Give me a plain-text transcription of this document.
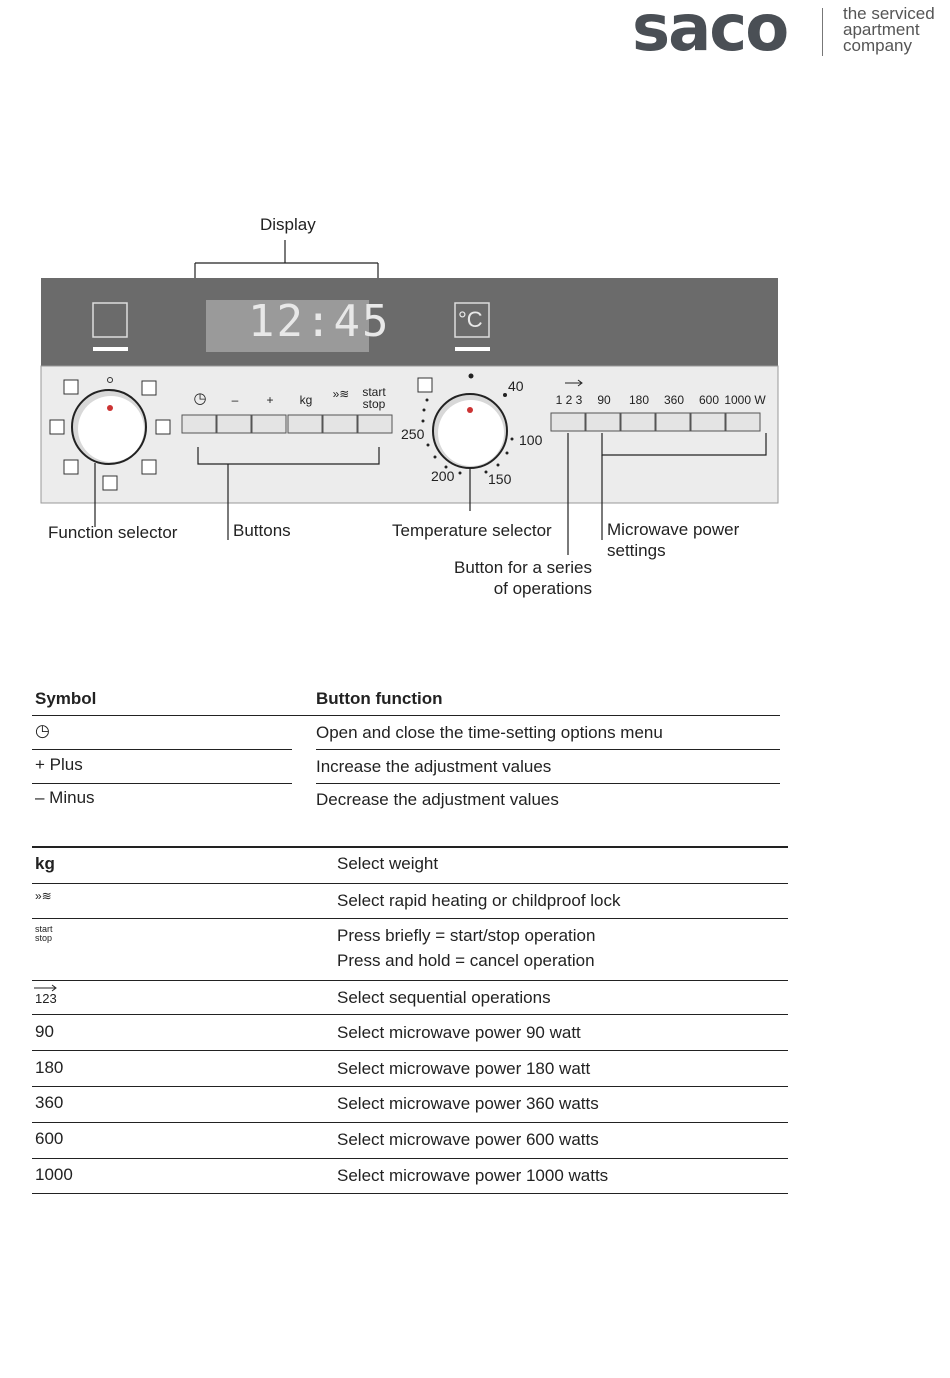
saco	the serviced
apartment
company
Display
12:45	°C
◷	–	+	kg	»≋	start
stop	1 2 3	90	180	360	600 1000 W
40
100
150
200
250
Function selector	Buttons	Temperature selector	Microwave power
settings
Button for a series
of operations
Symbol	Button function
◷	Open and close the time-setting options menu
+ Plus	Increase the adjustment values
– Minus	Decrease the adjustment values
kg	Select weight
»≋	Select rapid heating or childproof lock
start stop	Press briefly = start/stop operation
Press and hold = cancel operation
123	Select sequential operations
90	Select microwave power 90 watt
180	Select microwave power 180 watt
360	Select microwave power 360 watts
600	Select microwave power 600 watts
1000	Select microwave power 1000 watts
